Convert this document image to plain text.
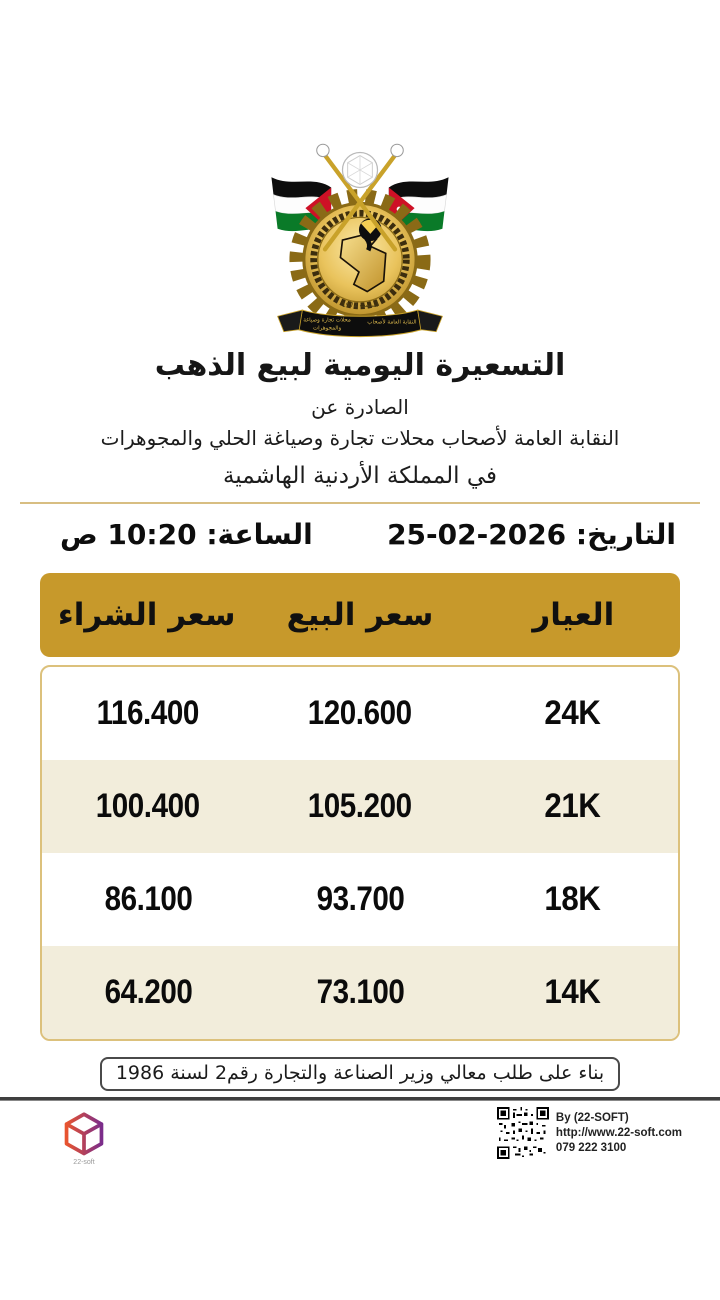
أسست 1972
النقابة العامة لأصحاب
محلات تجارة وصياغة
والمجوهرات
التسعيرة اليومية لبيع الذهب
الصادرة عن
النقابة العامة لأصحاب محلات تجارة وصياغة الحلي والمجوهرات
في المملكة الأردنية الهاشمية
التاريخ: 25-02-2026
الساعة: 10:20 ص
العيار
سعر البيع
سعر الشراء
24K
120.600
116.400
21K
105.200
100.400
18K
93.700
86.100
14K
73.100
64.200
بناء على طلب معالي وزير الصناعة والتجارة رقم2 لسنة 1986
22-soft
By (22-SOFT)
http://www.22-soft.com
079 222 3100
